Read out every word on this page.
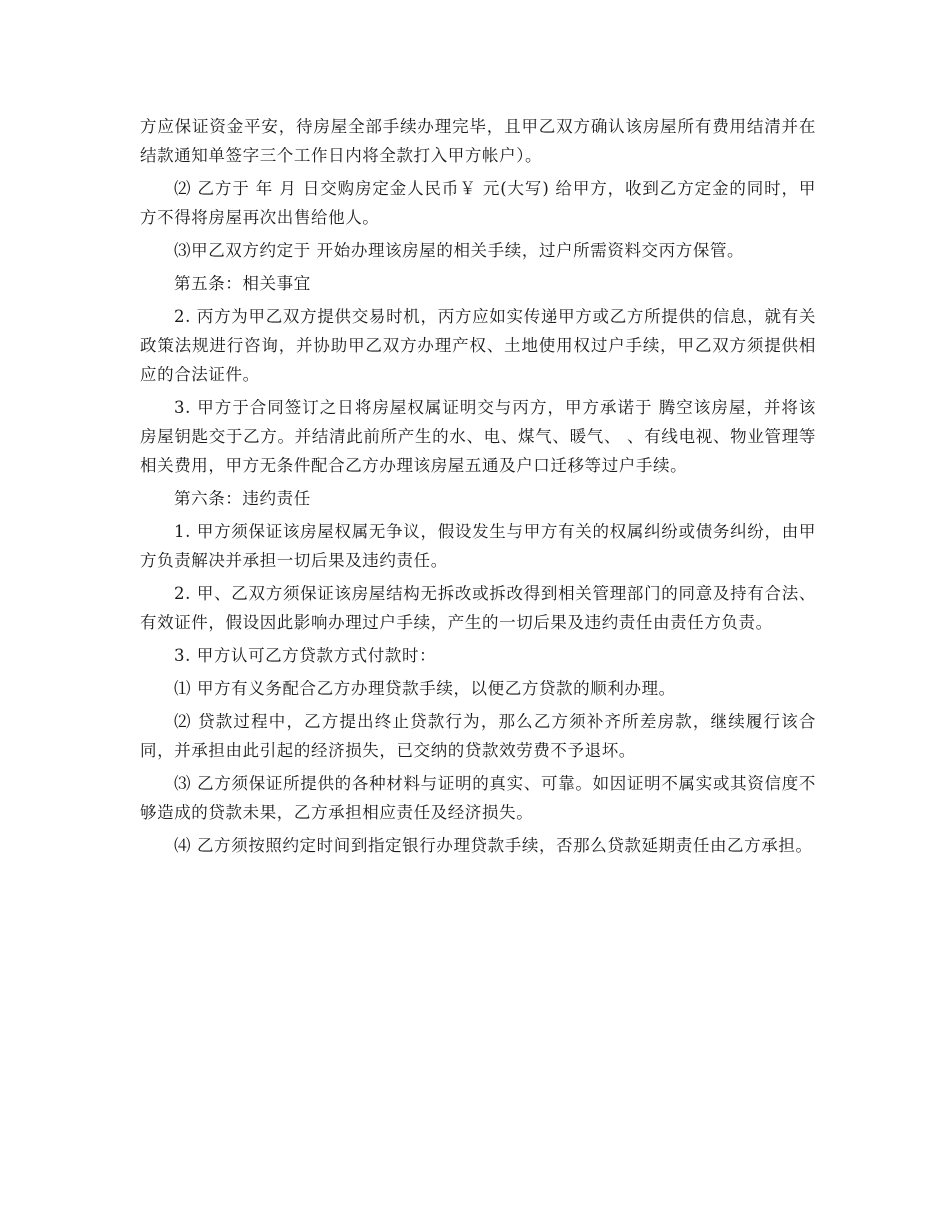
方应保证资金平安，待房屋全部手续办理完毕，且甲乙双方确认该房屋所有费用结清并在结款通知单签字三个工作日内将全款打入甲方帐户）。

⑵ 乙方于 年 月 日交购房定金人民币￥ 元(大写) 给甲方，收到乙方定金的同时，甲方不得将房屋再次出售给他人。

⑶甲乙双方约定于 开始办理该房屋的相关手续，过户所需资料交丙方保管。

第五条：相关事宜

2. 丙方为甲乙双方提供交易时机，丙方应如实传递甲方或乙方所提供的信息，就有关政策法规进行咨询，并协助甲乙双方办理产权、土地使用权过户手续，甲乙双方须提供相应的合法证件。

3. 甲方于合同签订之日将房屋权属证明交与丙方，甲方承诺于 腾空该房屋，并将该房屋钥匙交于乙方。并结清此前所产生的水、电、煤气、暖气、 、有线电视、物业管理等相关费用，甲方无条件配合乙方办理该房屋五通及户口迁移等过户手续。

第六条：违约责任

1. 甲方须保证该房屋权属无争议，假设发生与甲方有关的权属纠纷或债务纠纷，由甲方负责解决并承担一切后果及违约责任。

2. 甲、乙双方须保证该房屋结构无拆改或拆改得到相关管理部门的同意及持有合法、有效证件，假设因此影响办理过户手续，产生的一切后果及违约责任由责任方负责。

3. 甲方认可乙方贷款方式付款时：

⑴ 甲方有义务配合乙方办理贷款手续，以便乙方贷款的顺利办理。

⑵ 贷款过程中，乙方提出终止贷款行为，那么乙方须补齐所差房款，继续履行该合同，并承担由此引起的经济损失，已交纳的贷款效劳费不予退坏。

⑶ 乙方须保证所提供的各种材料与证明的真实、可靠。如因证明不属实或其资信度不够造成的贷款未果，乙方承担相应责任及经济损失。

⑷ 乙方须按照约定时间到指定银行办理贷款手续，否那么贷款延期责任由乙方承担。
